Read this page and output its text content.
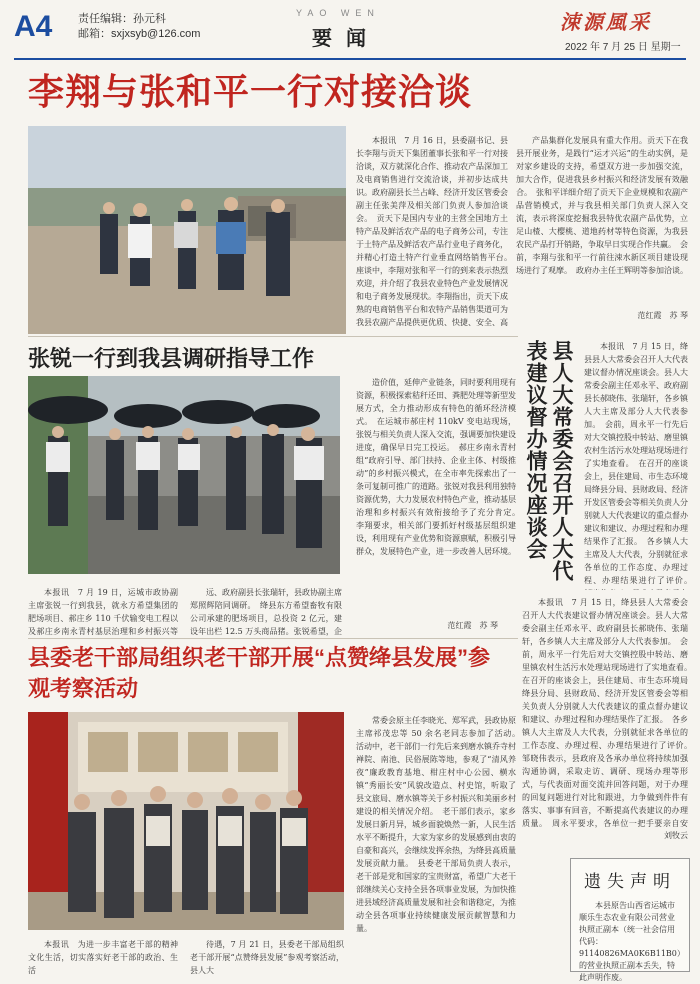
A4 责任编辑：孙元科
邮箱：sxjxsyb@126.com
YAO WEN
要闻
涑源風采
2022 年 7 月 25 日 星期一
李翔与张和平一行对接洽谈

本报讯　7 月 16 日，县委副书记、县长李翔与贡天下集团董事长张和平一行对接洽谈，双方就深化合作、推动农产品深加工及电商销售进行交流洽谈，并初步达成共识。政府副县长兰占峰、经济开发区管委会副主任张美萍及相关部门负责人参加洽谈会。　贡天下是国内专业的主营全国地方土特产品及鲜活农产品的电子商务公司，专注于土特产品及鲜活农产品行业电子商务化，并精心打造土特产行业垂直网络销售平台。　座谈中，李翔对张和平一行的到来表示热烈欢迎，并介绍了我县农业特色产业发展情况和电子商务发展现状。李翔指出，贡天下成熟的电商销售平台和农特产品销售渠道可为我县农副产品提供更优质、快捷、安全、高

产品集群化发展具有重大作用。贡天下在我县开展业务，是践行“运才兴运”的生动实例，是对家乡建设的支持，希望双方进一步加强交流，加大合作，促进我县乡村振兴和经济发展有效融合。　张和平详细介绍了贡天下企业规模和农副产品营销模式，并与我县相关部门负责人深入交流，表示将深度挖掘我县特优农副产品优势，立足山楂、大樱桃、道地药材等特色资源，为我县农民产品打开销路，争取早日实现合作共赢。　会前，李翔与张和平一行前往涑水新区项目建设现场进行了观摩。　政府办主任王辉明等参加洽谈。

范红霞　苏 琴
张锐一行到我县调研指导工作

造价值，延伸产业链条，同时要利用现有资源，积极探索秸秆还田、粪肥处理等新型发展方式，全力推动形成有特色的循环经济模式。　在运城市郝庄村 110kV 变电站现场，张锐与相关负责人深入交流，强调要加快建设进度，确保早日完工投运。　郝庄乡南永青村组“政府引导、部门扶持、企业主体、村级推动”的乡村振兴模式，在全市率先探索出了一条可复制可推广的道路。张锐对我县利用独特资源优势，大力发展农村特色产业，推动基层治理和乡村振兴有效衔接给予了充分肯定。　李翔要求，相关部门要抓好村级基层组织建设，利用现有产业优势和资源禀赋，积极引导群众，发展特色产业，进一步改善人居环境。

本报讯　7 月 19 日，运城市政协副主席张锐一行到我县，就永方希望集团的肥场项目、郝庄乡 110 千伏输变电工程以及郝庄乡南永青村基层治理和乡村振兴等

远、政府副县长张瑞轩，县政协副主席郑照辉陪同调研。　绛县东方希望畜牧有限公司承建的肥场项目，总投资 2 亿元，建设年出栏 12.5 万头商品猪。张锐希望，企

范红霞　苏 琴
县人大常委会召开人大代表建议督办情况座谈会	本报讯　7 月 15 日，绛县县人大常委会召开人大代表建议督办情况座谈会。县人大常委会副主任邓永平、政府副县长郝晓伟、张瑞轩，各乡镇人大主席及部分人大代表参加。　会前，周永平一行先后对大交镇控股中转站、磨里镇农村生活污水处理站现场进行了实地查看。　在召开的座谈会上，县住建局、市生态环境局绛县分局、县财政局、经济开发区管委会等相关负责人分别就人大代表建议的重点督办建议和建议、办理过程和办理结果作了汇报。　各乡镇人大主席及人大代表，分别就征求各单位的工作态度、办理过程、办理结果进行了评价。　　

本报讯　7 月 15 日，绛县县人大常委会召开人大代表建议督办情况座谈会。县人大常委会副主任邓永平、政府副县长郝晓伟、张瑞轩，各乡镇人大主席及部分人大代表参加。　会前，周永平一行先后对大交镇控股中转站、磨里镇农村生活污水处理站现场进行了实地查看。　在召开的座谈会上，县住建局、市生态环境局绛县分局、县财政局、经济开发区管委会等相关负责人分别就人大代表建议的重点督办建议和建议、办理过程和办理结果作了汇报。　各乡镇人大主席及人大代表，分别就征求各单位的工作态度、办理过程、办理结果进行了评价。　邹晓伟表示，县政府及各承办单位将持续加强沟通协调，采取走访、调研、现场办理等形式，与代表面对面交流并回答问题，对于办理的回复问题进行对比和跟进，力争做到件件有落实、事事有回音，不断提高代表建议的办理质量。　周永平要求，各单位一把手要亲自安

刘牧云
县委老干部局组织老干部开展“点赞绛县发展”参观考察活动

常委会原主任李晓光、郑军武，县政协原主席祁茂忠等 50 余名老同志参加了活动。　活动中，老干部们一行先后来到磨水镇乔寺村禅院、南池、民俗展陈等地，参观了“清风养夜”廉政教育基地、柑庄村中心公园、横水镇“秀丽长安”风貌改造点、村史馆，听取了县文旅局、磨水镇等关于乡村振兴和美丽乡村建设的相关情况介绍。　老干部们表示，家乡发展日新月异，城乡面貌焕然一新，人民生活水平不断提升，大家为家乡的发展感到由衷的自豪和高兴，会继续发挥余热，为绛县高质量发展贡献力量。　县委老干部局负责人表示，老干部是党和国家的宝贵财富，希望广大老干部继续关心支持全县各项事业发展，为加快推进县域经济高质量发展和社会和谐稳定，为推动全县各项事业持续健康发展贡献智慧和力量。

本报讯　为进一步丰富老干部的精神文化生活，切实落实好老干部的政治、生活

待遇，7 月 21 日，县委老干部局组织老干部开展“点赞绛县发展”参观考察活动，县人大

遗失声明
本县原告山西省运城市顺乐生态农业有限公司营业执照正副本（统一社会信用代码：91140826MA0K6B11B0）的营业执照正副本丢失，特此声明作废。
